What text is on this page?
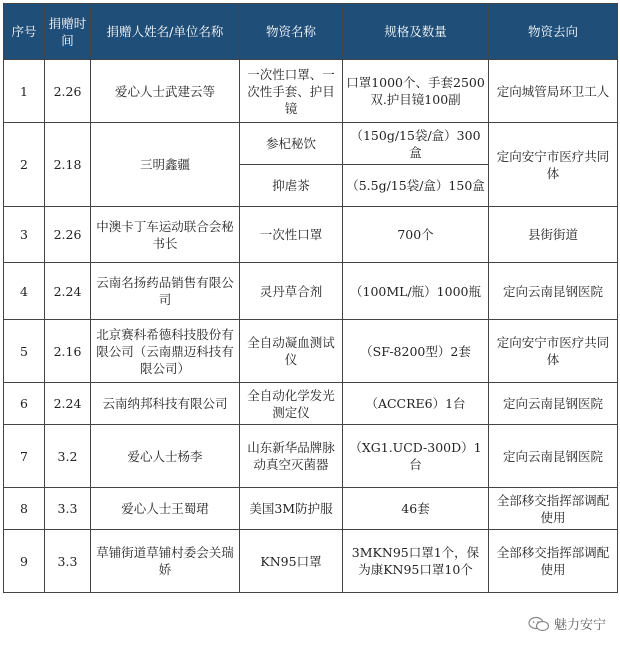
序号	捐赠时间	捐赠人姓名/单位名称	物资名称	规格及数量	物资去向
1	2.26	爱心人士武建云等	一次性口罩、一次性手套、护目镜	口罩1000个、手套2500双.护目镜100副	定向城管局环卫工人
2	2.18	三明鑫疆	参杞秘饮	（150g/15袋/盒）300盒	定向安宁市医疗共同体
			抑虐茶	（5.5g/15袋/盒）150盒	
3	2.26	中澳卡丁车运动联合会秘书长	一次性口罩	700个	县街街道
4	2.24	云南名扬药品销售有限公司	灵丹草合剂	（100ML/瓶）1000瓶	定向云南昆钢医院
5	2.16	北京赛科希德科技股份有限公司（云南鼎迈科技有限公司）	全自动凝血测试仪	（SF-8200型）2套	定向安宁市医疗共同体
6	2.24	云南纳邦科技有限公司	全自动化学发光测定仪	（ACCRE6）1台	定向云南昆钢医院
7	3.2	爱心人士杨李	山东新华品牌脉动真空灭菌器	（XG1.UCD-300D）1台	定向云南昆钢医院
8	3.3	爱心人士王蜀珺	美国3M防护服	46套	全部移交指挥部调配使用
9	3.3	草铺街道草铺村委会关瑞娇	KN95口罩	3MKN95口罩1个，保为康KN95口罩10个	全部移交指挥部调配使用
魅力安宁
